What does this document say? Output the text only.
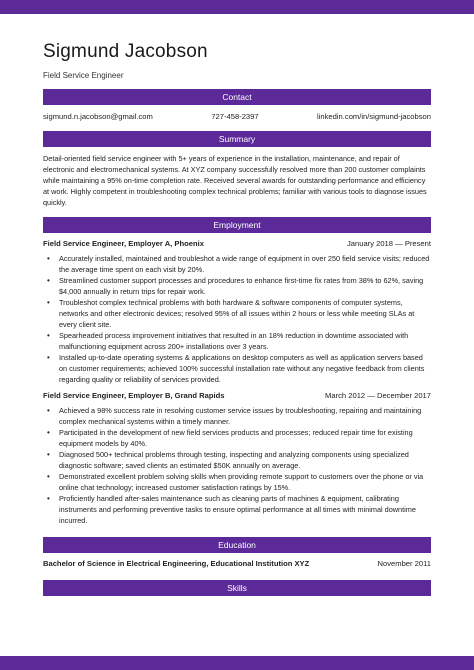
Sigmund Jacobson
Field Service Engineer
Contact
sigmund.n.jacobson@gmail.com	727-458-2397	linkedin.com/in/sigmund-jacobson
Summary

Detail-oriented field service engineer with 5+ years of experience in the installation, maintenance, and repair of electronic and electromechanical systems. At XYZ company successfully resolved more than 200 customer complaints while maintaining a 95% on-time completion rate. Received several awards for outstanding performance and efficiency at work. Highly competent in troubleshooting complex technical problems; familiar with various tools to diagnose issues quickly.

Employment
Field Service Engineer, Employer A, Phoenix	January 2018 — Present
• Accurately installed, maintained and troubleshot a wide range of equipment in over 250 field service visits; reduced the average time spent on each visit by 20%.
• Streamlined customer support processes and procedures to enhance first-time fix rates from 38% to 62%, saving $4,000 annually in return trips for repair work.
• Troubleshot complex technical problems with both hardware & software components of computer systems, networks and other electronic devices; resolved 95% of all issues within 2 hours or less while meeting SLAs at every client site.
• Spearheaded process improvement initiatives that resulted in an 18% reduction in downtime associated with malfunctioning equipment across 200+ installations over 3 years.
• Installed up-to-date operating systems & applications on desktop computers as well as application servers based on customer requirements; achieved 100% successful installation rate without any negative feedback from clients regarding quality or reliability of services provided.
Field Service Engineer, Employer B, Grand Rapids	March 2012 — December 2017
• Achieved a 98% success rate in resolving customer service issues by troubleshooting, repairing and maintaining complex mechanical systems within a timely manner.
• Participated in the development of new field services products and processes; reduced repair time for existing equipment models by 40%.
• Diagnosed 500+ technical problems through testing, inspecting and analyzing components using specialized diagnostic software; saved clients an estimated $50K annually on average.
• Demonstrated excellent problem solving skills when providing remote support to customers over the phone or via online chat technology; increased customer satisfaction ratings by 15%.
• Proficiently handled after-sales maintenance such as cleaning parts of machines & equipment, calibrating instruments and performing preventive tasks to ensure optimal performance at all times with minimal downtime incurred.
Education
Bachelor of Science in Electrical Engineering, Educational Institution XYZ	November 2011
Skills
